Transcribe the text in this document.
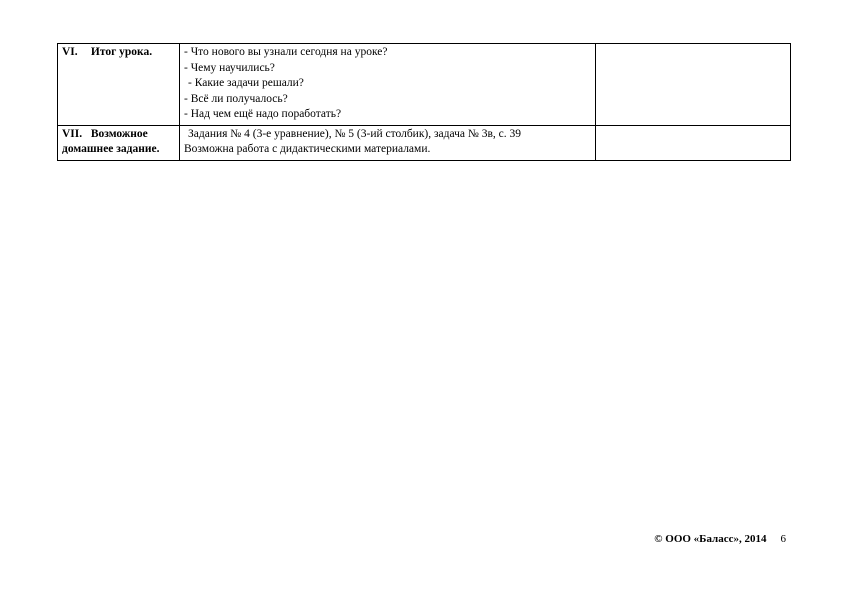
VI. Итог урока.	- Что нового вы узнали сегодня на уроке?
- Чему научились?
- Какие задачи решали?
- Всё ли получалось?
- Над чем ещё надо поработать?	

VII. Возможное домашнее задание.	Задания № 4 (3-е уравнение), № 5 (3-ий столбик), задача № 3в, с. 39
Возможна работа с дидактическими материалами.	

© ООО «Баласс», 2014 6
